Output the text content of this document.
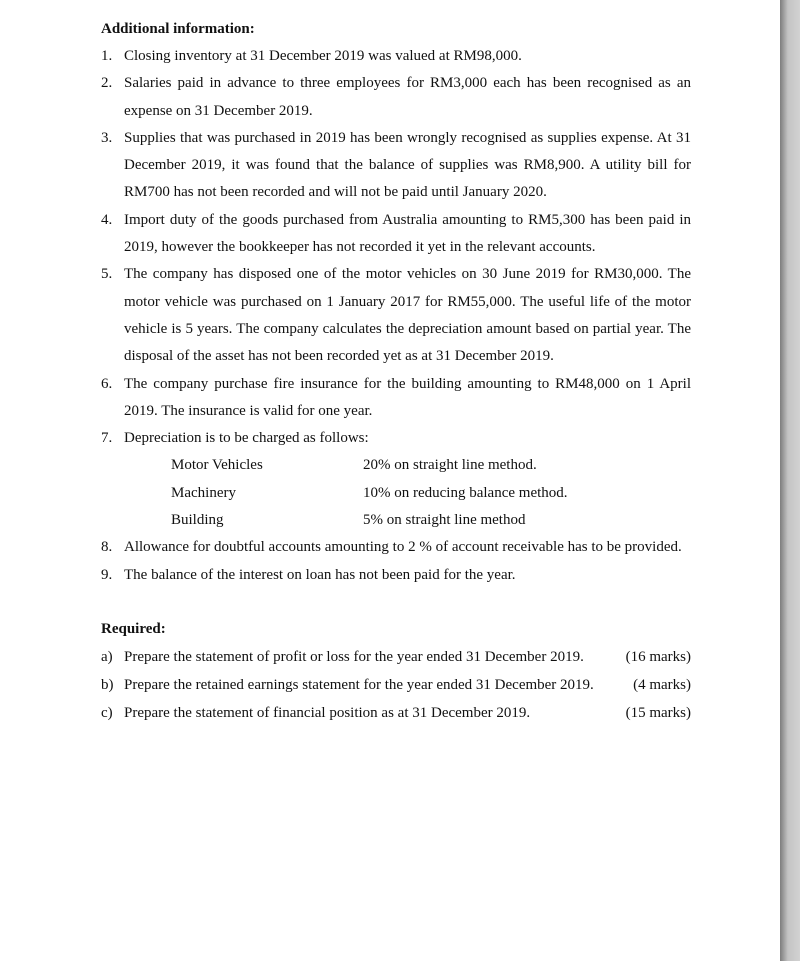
Additional information:

1. Closing inventory at 31 December 2019 was valued at RM98,000.
2. Salaries paid in advance to three employees for RM3,000 each has been recognised as an expense on 31 December 2019.
3. Supplies that was purchased in 2019 has been wrongly recognised as supplies expense. At 31 December 2019, it was found that the balance of supplies was RM8,900. A utility bill for RM700 has not been recorded and will not be paid until January 2020.
4. Import duty of the goods purchased from Australia amounting to RM5,300 has been paid in 2019, however the bookkeeper has not recorded it yet in the relevant accounts.
5. The company has disposed one of the motor vehicles on 30 June 2019 for RM30,000. The motor vehicle was purchased on 1 January 2017 for RM55,000. The useful life of the motor vehicle is 5 years. The company calculates the depreciation amount based on partial year. The disposal of the asset has not been recorded yet as at 31 December 2019.
6. The company purchase fire insurance for the building amounting to RM48,000 on 1 April 2019. The insurance is valid for one year.
7. Depreciation is to be charged as follows:
Motor Vehicles	20% on straight line method.
Machinery	10% on reducing balance method.
Building	5% on straight line method
8. Allowance for doubtful accounts amounting to 2 % of account receivable has to be provided.
9. The balance of the interest on loan has not been paid for the year.

Required:

a) Prepare the statement of profit or loss for the year ended 31 December 2019.	(16 marks)
b) Prepare the retained earnings statement for the year ended 31 December 2019.	(4 marks)
c) Prepare the statement of financial position as at 31 December 2019.	(15 marks)
